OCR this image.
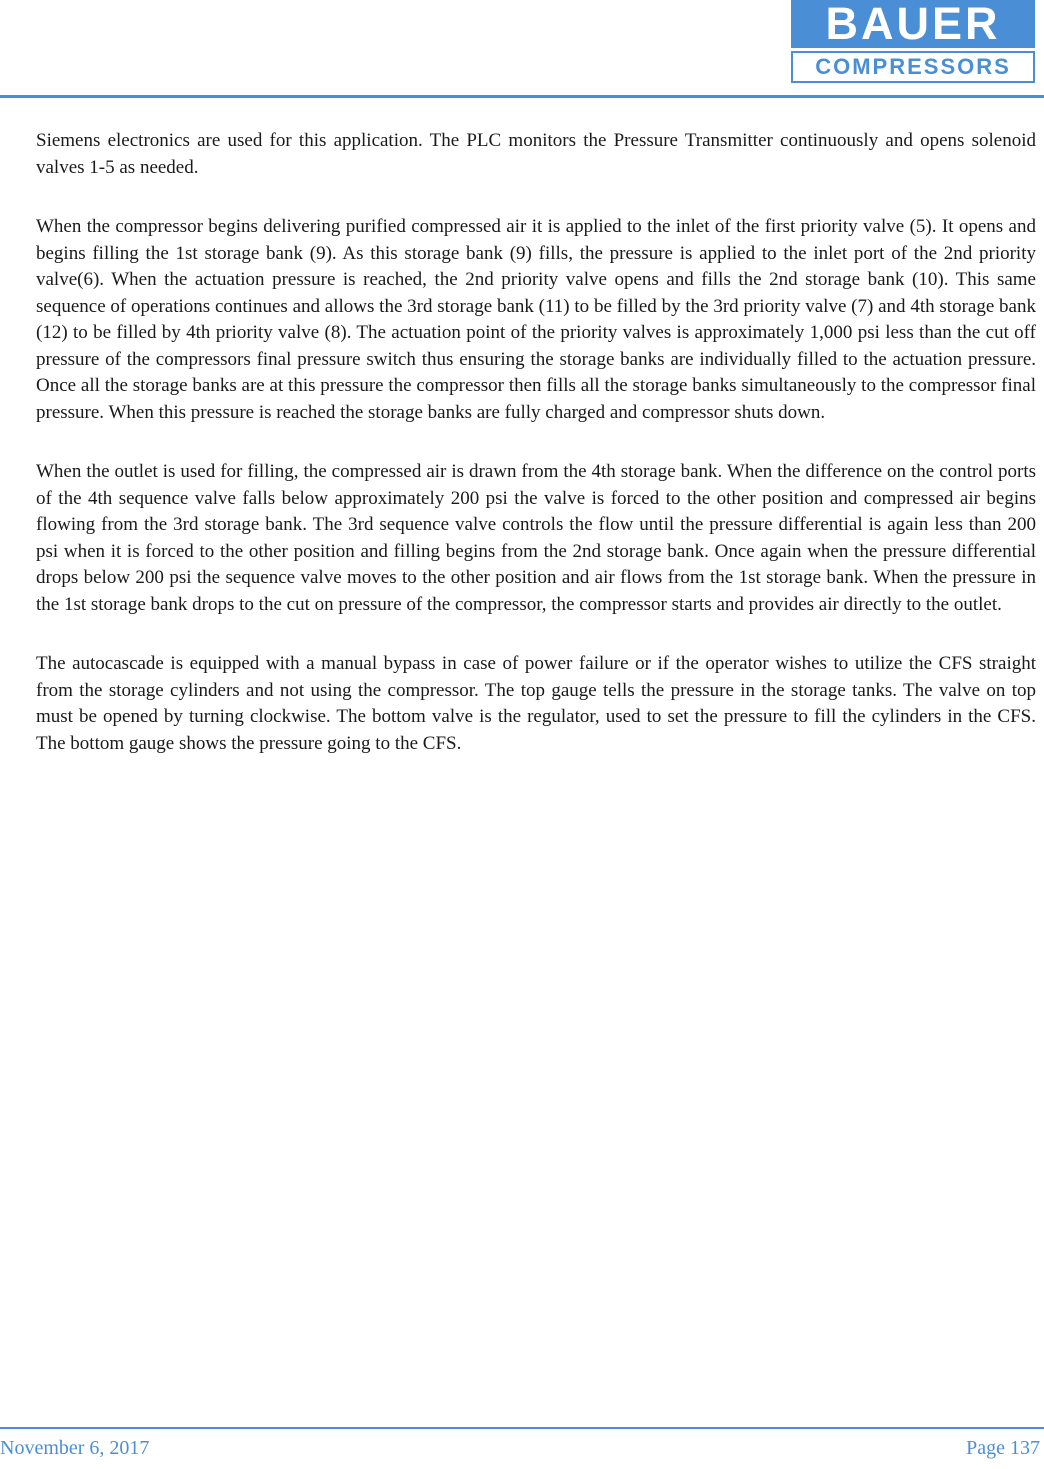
BAUER
COMPRESSORS

Siemens electronics are used for this application. The PLC monitors the Pressure Transmitter continuously and opens solenoid valves 1-5 as needed.

When the compressor begins delivering purified compressed air it is applied to the inlet of the first priority valve (5). It opens and begins filling the 1st storage bank (9). As this storage bank (9) fills, the pressure is applied to the inlet port of the 2nd priority valve(6). When the actuation pressure is reached, the 2nd priority valve opens and fills the 2nd storage bank (10). This same sequence of operations continues and allows the 3rd storage bank (11) to be filled by the 3rd priority valve (7) and 4th storage bank (12) to be filled by 4th priority valve (8). The actuation point of the priority valves is approximately 1,000 psi less than the cut off pressure of the compressors final pressure switch thus ensuring the storage banks are individually filled to the actuation pressure. Once all the storage banks are at this pressure the compressor then fills all the storage banks simultaneously to the compressor final pressure. When this pressure is reached the storage banks are fully charged and compressor shuts down.

When the outlet is used for filling, the compressed air is drawn from the 4th storage bank. When the difference on the control ports of the 4th sequence valve falls below approximately 200 psi the valve is forced to the other position and compressed air begins flowing from the 3rd storage bank. The 3rd sequence valve controls the flow until the pressure differential is again less than 200 psi when it is forced to the other position and filling begins from the 2nd storage bank. Once again when the pressure differential drops below 200 psi the sequence valve moves to the other position and air flows from the 1st storage bank. When the pressure in the 1st storage bank drops to the cut on pressure of the compressor, the compressor starts and provides air directly to the outlet.

The autocascade is equipped with a manual bypass in case of power failure or if the operator wishes to utilize the CFS straight from the storage cylinders and not using the compressor. The top gauge tells the pressure in the storage tanks. The valve on top must be opened by turning clockwise. The bottom valve is the regulator, used to set the pressure to fill the cylinders in the CFS. The bottom gauge shows the pressure going to the CFS.

November 6, 2017	Page 137
